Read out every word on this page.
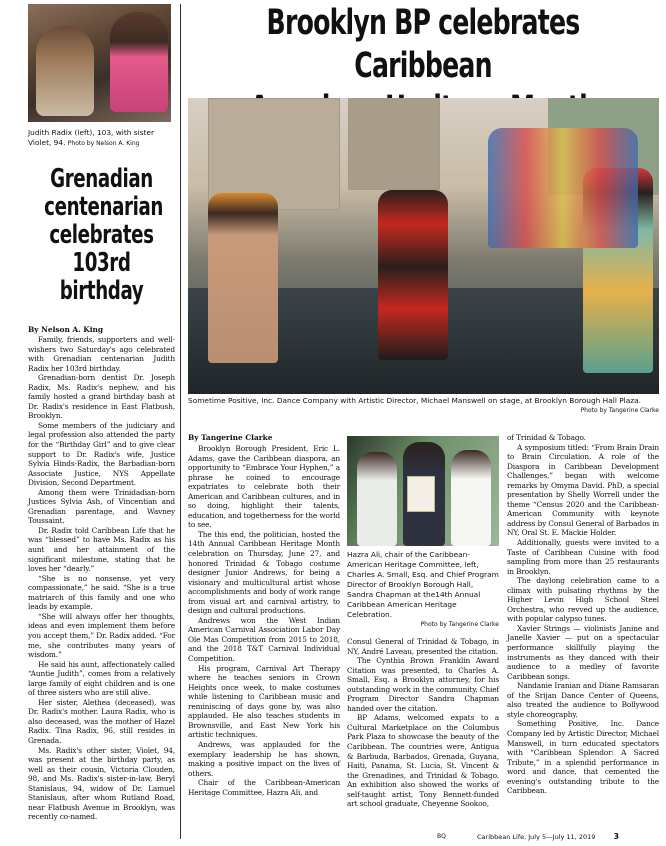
Judith Radix (left), 103, with sister Violet, 94. Photo by Nelson A. King
Grenadian
centenarian
celebrates
103rd birthday
By Nelson A. King

Family, friends, supporters and well-wishers two Saturday's ago celebrated with Grenadian centenarian Judith Radix her 103rd birthday.

Grenadian-born dentist Dr. Joseph Radix, Ms. Radix's nephew, and his family hosted a grand birthday bash at Dr. Radix's residence in East Flatbush, Brooklyn.

Some members of the judiciary and legal profession also attended the party for the “Birthday Girl” and to give clear support to Dr. Radix's wife, Justice Sylvia Hinds-Radix, the Barbadian-born Associate Justice, NYS Appellate Division, Second Department.

Among them were Trinidadian-born Justices Sylvia Ash, of Vincentian and Grenadian parentage, and Wavney Toussaint.

Dr. Radix told Caribbean Life that he was “blessed” to have Ms. Radix as his aunt and her attainment of the significant milestone, stating that he loves her “dearly.”

“She is no nonsense, yet very compassionate,” he said. “She is a true matriarch of this family and one who leads by example.

“She will always offer her thoughts, ideas and even implement them before you accept them,” Dr. Radix added. “For me, she contributes many years of wisdom.”

He said his aunt, affectionately called “Auntie Judith”, comes from a relatively large family of eight children and is one of three sisters who are still alive.

Her sister, Alethea (deceased), was Dr. Radix's mother. Laura Radix, who is also deceased, was the mother of Hazel Radix. Tina Radix, 96, still resides in Grenada.

Ms. Radix's other sister, Violet, 94, was present at the birthday party, as well as their cousin, Victoria Clouden, 98, and Ms. Radix's sister-in-law, Beryl Stanislaus, 94, widow of Dr. Lamuel Stanislaus, after whom Rutland Road, near Flatbush Avenue in Brooklyn, was recently co-named.

Brooklyn BP celebrates Caribbean
Sometime Positive, Inc. Dance Company with Artistic Director, Michael Manswell on stage, at Brooklyn Borough Hall Plaza.
Photo by Tangerine Clarke
By Tangerine Clarke

Brooklyn Borough President, Eric L. Adams, gave the Caribbean diaspora, an opportunity to “Embrace Your Hyphen,” a phrase he coined to encourage expatriates to celebrate both their American and Caribbean cultures, and in so doing, highlight their talents, education, and togetherness for the world to see.

The this end, the politician, hosted the 14th Annual Caribbean Heritage Month celebration on Thursday, June 27, and honored Trinidad & Tobago costume designer Junior Andrews, for being a visionary and multicultural artist whose accomplishments and body of work range from visual art and carnival artistry, to design and cultural productions.

Andrews won the West Indian American Carnival Association Labor Day Ole Mas Competition from 2015 to 2018, and the 2018 T&T Carnival Individual Competition.

His program, Carnival Art Therapy where he teaches seniors in Crown Heights once week, to make costumes while listening to Caribbean music and reminiscing of days gone by, was also applauded. He also teaches students in Brownsville, and East New York his artistic techniques.

Andrews, was applauded for the exemplary leadership he has shown, making a positive impact on the lives of others.

Chair of the Caribbean-American Heritage Committee, Hazra Ali, and

Hazra Ali, chair of the Caribbean-American Heritage Committee, left, Charles A. Small, Esq. and Chief Program Director of Brooklyn Borough Hall, Sandra Chapman at the14th Annual Caribbean American Heritage Celebration.
Photo by Tangerine Clarke

Consul General of Trinidad & Tobago, in NY, André Laveau, presented the citation.

The Cynthia Brown Franklin Award Citation was presented, to Charles A. Small, Esq. a Brooklyn attorney, for his outstanding work in the community. Chief Program Director Sandra Chapman handed over the citation.

BP Adams, welcomed expats to a Cultural Marketplace on the Columbus Park Plaza to showcase the beauty of the Caribbean. The countries were, Antigua & Barbuda, Barbados, Grenada, Guyana, Haiti, Panama, St. Lucia, St. Vincent & the Grenadines, and Trinidad & Tobago. An exhibition also showed the works of self-taught artist, Tony Bennett-funded art school graduate, Cheyenne Sookoo,

of Trinidad & Tobago.

A symposium titled: “From Brain Drain to Brain Circulation, A role of the Diaspora in Caribbean Development Challenges,” began with welcome remarks by Omyma David. PhD, a special presentation by Shelly Worrell under the theme “Census 2020 and the Caribbean-American Community with keynote address by Consul General of Barbados in NY, Oral St. E. Mackie Holder.

Additionally, guests were invited to a Taste of Caribbean Cuisine with food sampling from more than 25 restaurants in Brooklyn.

The daylong celebration came to a climax with pulsating rhythms by the Higher Levin High School Steel Orchestra, who revved up the audience, with popular calypso tunes.

Xavier Strings — violinists Janine and Janelle Xavier — put on a spectacular performance skillfully playing the instruments as they danced with their audience to a medley of favorite Caribbean songs.

Nandanie Iranian and Diane Ramsaran of the Srijan Dance Center of Queens, also treated the audience to Bollywood style choreography.

Something Positive, Inc. Dance Company led by Artistic Director, Michael Manswell, in turn educated spectators with “Caribbean Splendor: A Sacred Tribute,” in a splendid performance in word and dance, that cemented the evening's outstanding tribute to the Caribbean.

BQ	Caribbean Life, July 5—July 11, 2019 3
